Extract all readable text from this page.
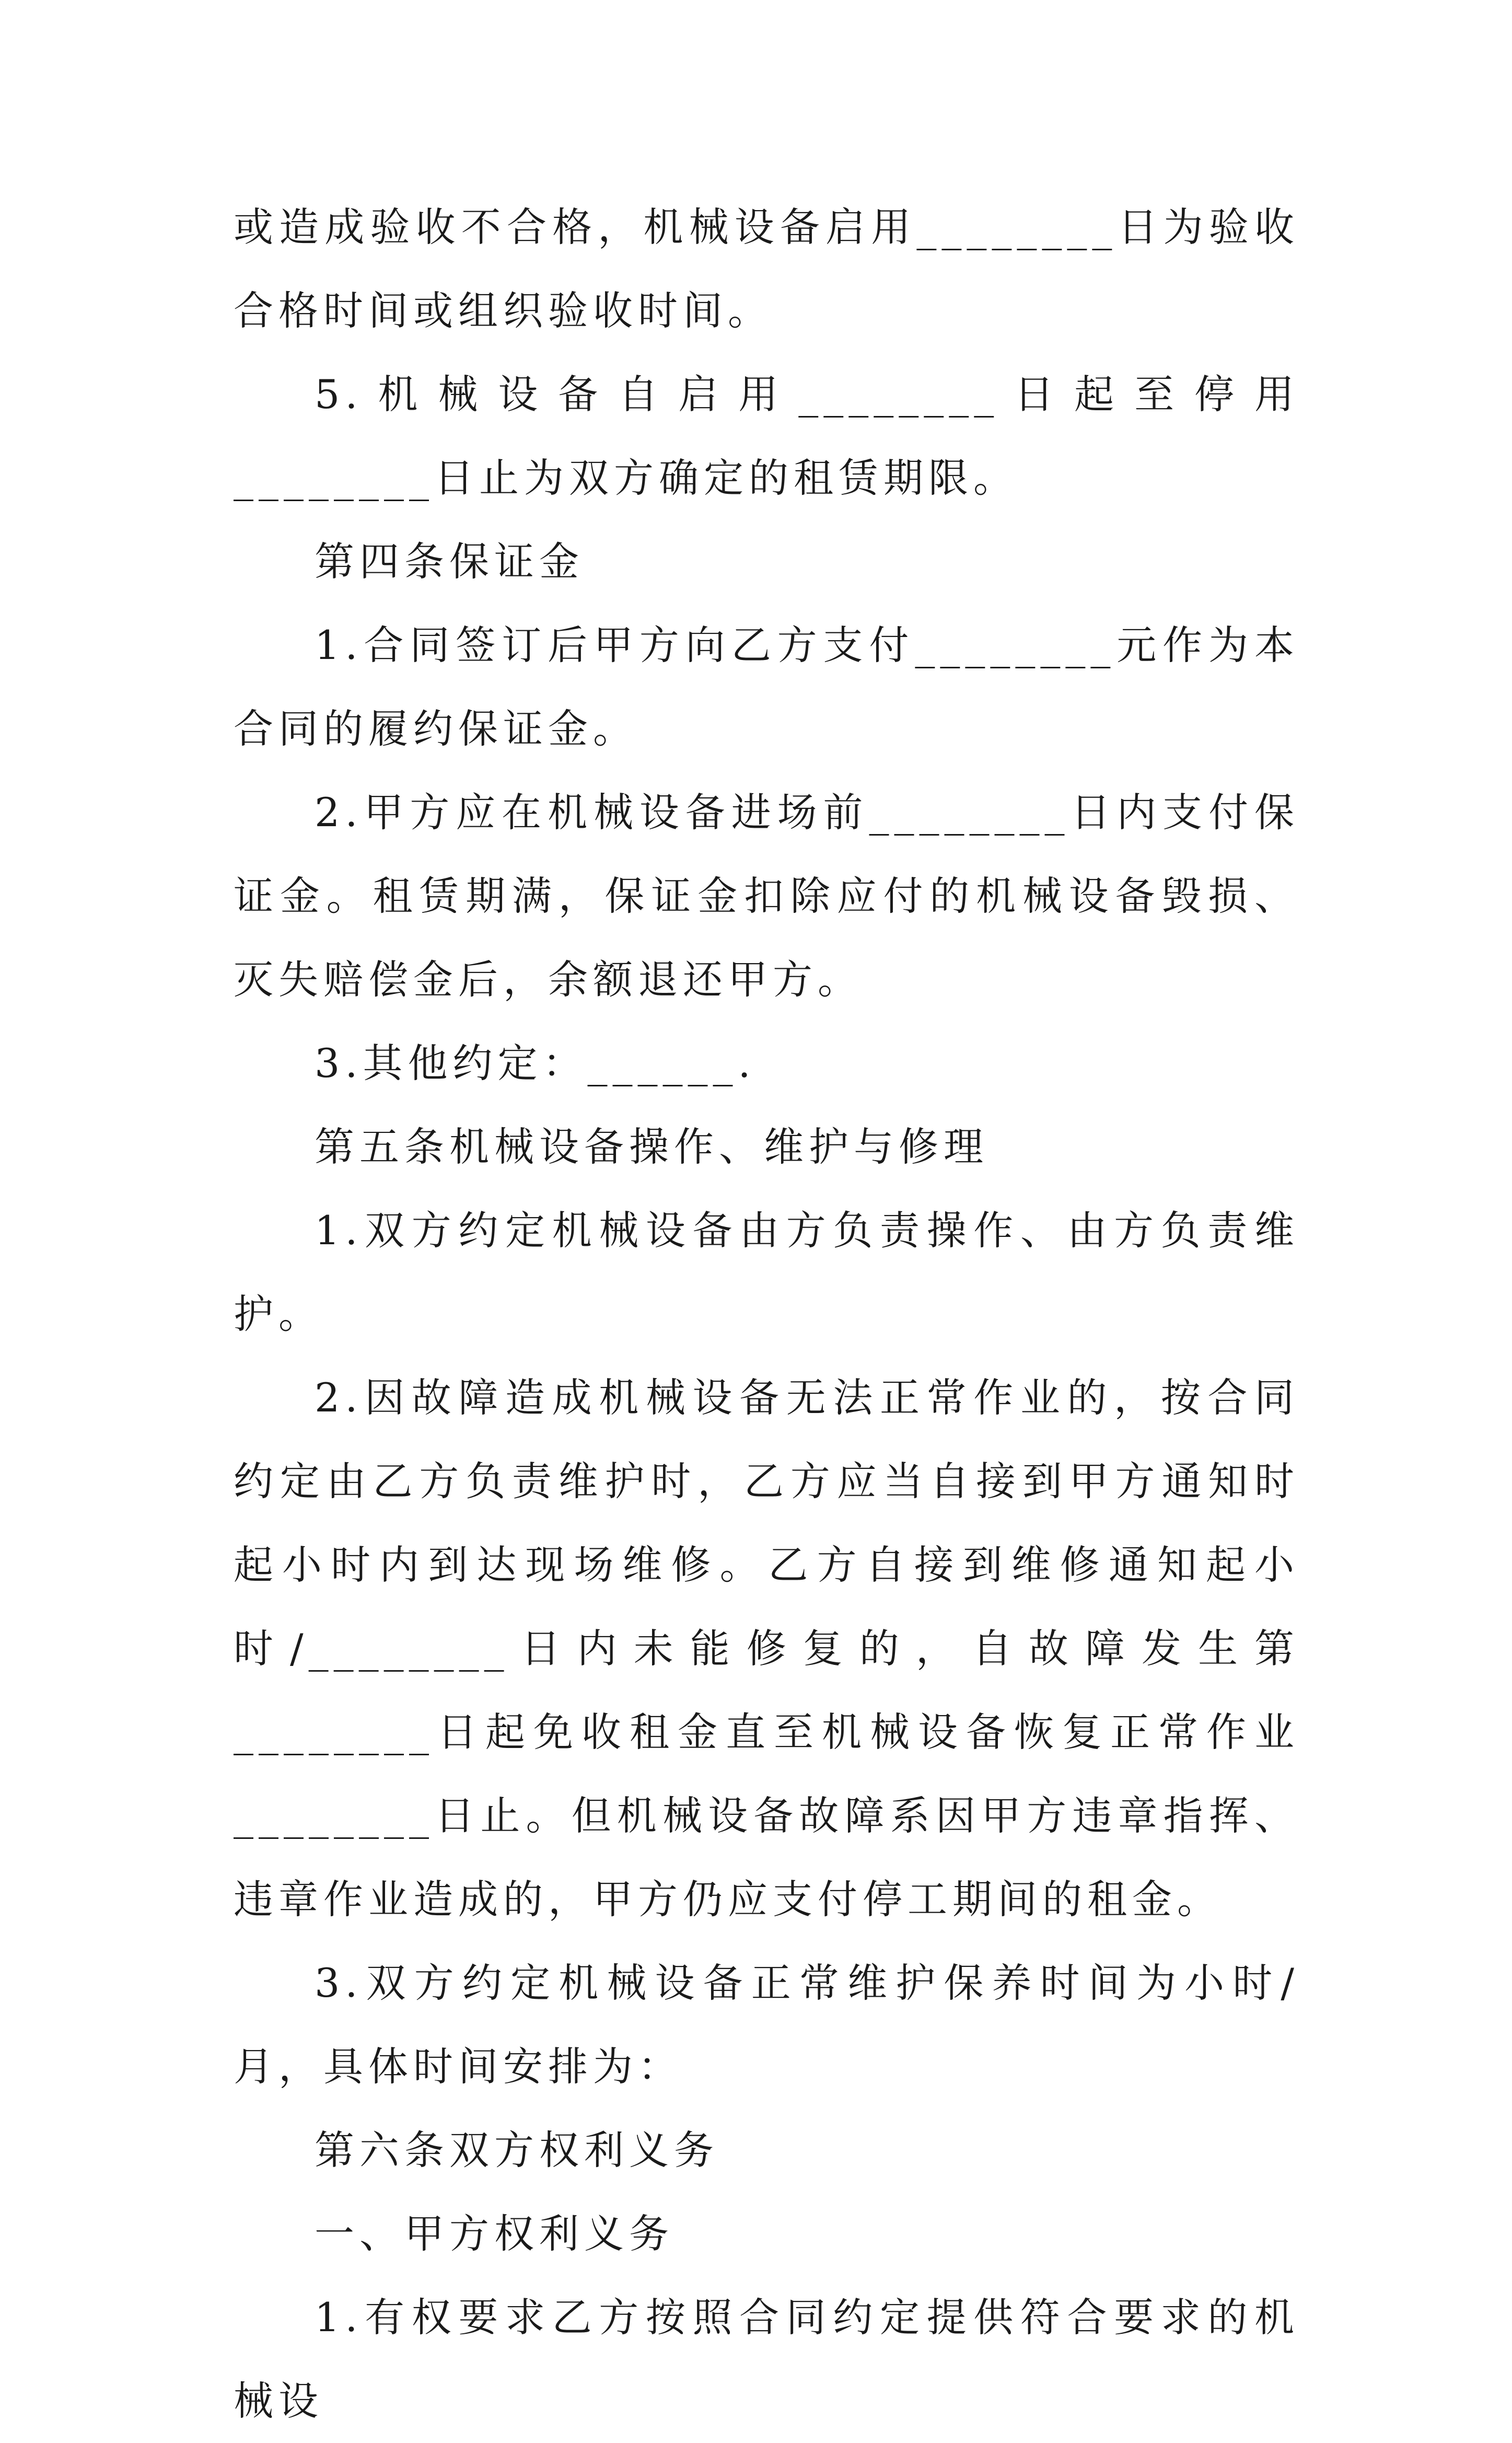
或造成验收不合格，机械设备启用________日为验收合格时间或组织验收时间。

5.机械设备自启用________日起至停用________日止为双方确定的租赁期限。

第四条保证金

1.合同签订后甲方向乙方支付________元作为本合同的履约保证金。

2.甲方应在机械设备进场前________日内支付保证金。租赁期满，保证金扣除应付的机械设备毁损、灭失赔偿金后，余额退还甲方。

3.其他约定：______.

第五条机械设备操作、维护与修理

1.双方约定机械设备由方负责操作、由方负责维护。

2.因故障造成机械设备无法正常作业的，按合同约定由乙方负责维护时，乙方应当自接到甲方通知时起小时内到达现场维修。乙方自接到维修通知起小时/________日内未能修复的，自故障发生第________日起免收租金直至机械设备恢复正常作业________日止。但机械设备故障系因甲方违章指挥、违章作业造成的，甲方仍应支付停工期间的租金。

3.双方约定机械设备正常维护保养时间为小时/月，具体时间安排为：

第六条双方权利义务

一、甲方权利义务

1.有权要求乙方按照合同约定提供符合要求的机械设
